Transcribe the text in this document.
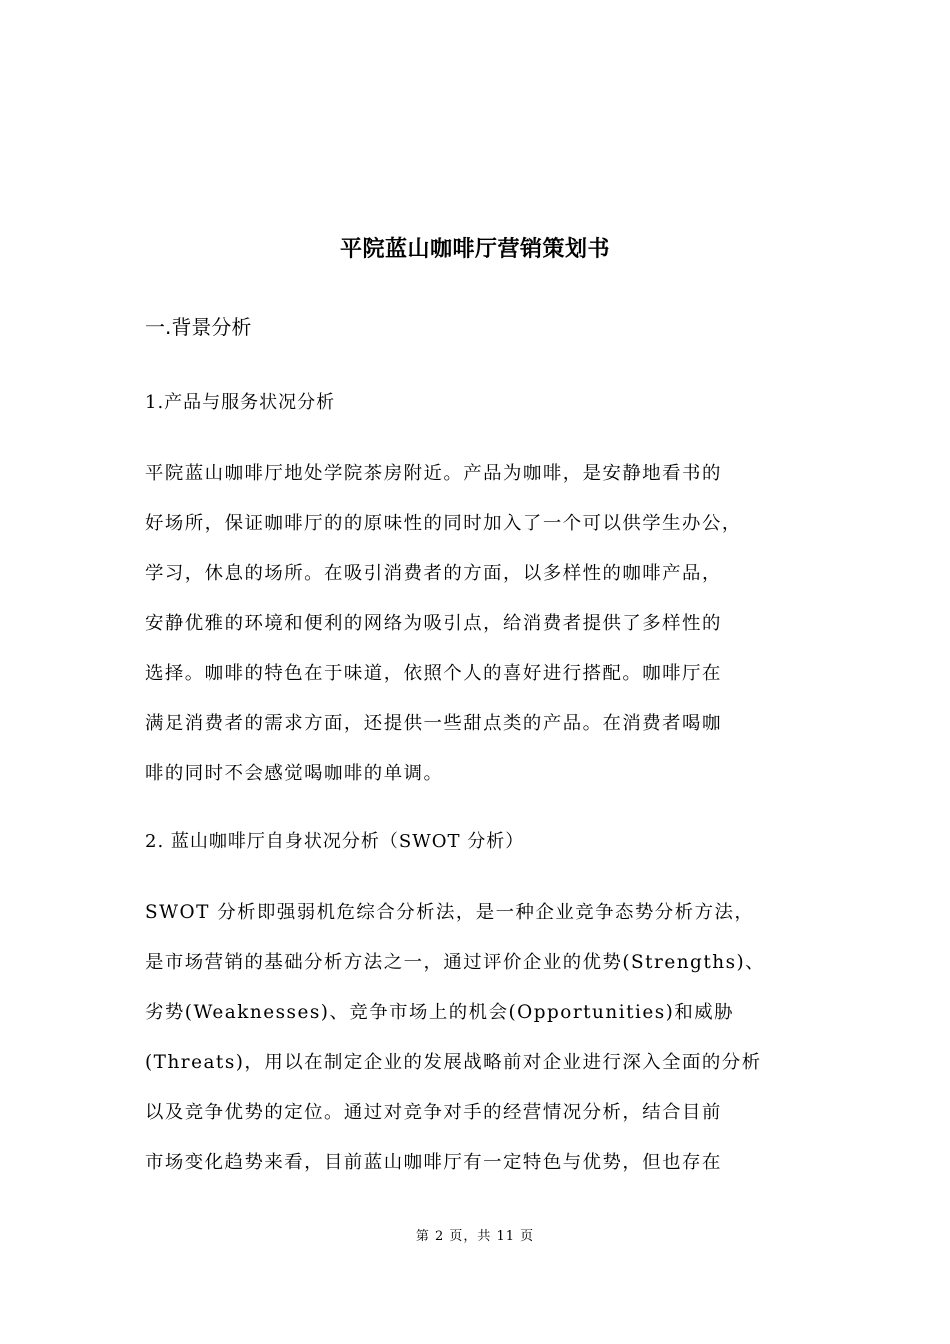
平院蓝山咖啡厅营销策划书
一.背景分析
1.产品与服务状况分析
平院蓝山咖啡厅地处学院茶房附近。产品为咖啡，是安静地看书的
好场所，保证咖啡厅的的原味性的同时加入了一个可以供学生办公，
学习，休息的场所。在吸引消费者的方面，以多样性的咖啡产品，
安静优雅的环境和便利的网络为吸引点，给消费者提供了多样性的
选择。咖啡的特色在于味道，依照个人的喜好进行搭配。咖啡厅在
满足消费者的需求方面，还提供一些甜点类的产品。在消费者喝咖
啡的同时不会感觉喝咖啡的单调。
2. 蓝山咖啡厅自身状况分析（SWOT 分析）
SWOT 分析即强弱机危综合分析法，是一种企业竞争态势分析方法，
是市场营销的基础分析方法之一，通过评价企业的优势(Strengths)、
劣势(Weaknesses)、竞争市场上的机会(Opportunities)和威胁
(Threats)，用以在制定企业的发展战略前对企业进行深入全面的分析
以及竞争优势的定位。通过对竞争对手的经营情况分析，结合目前
市场变化趋势来看，目前蓝山咖啡厅有一定特色与优势，但也存在
第 2 页，共 11 页
